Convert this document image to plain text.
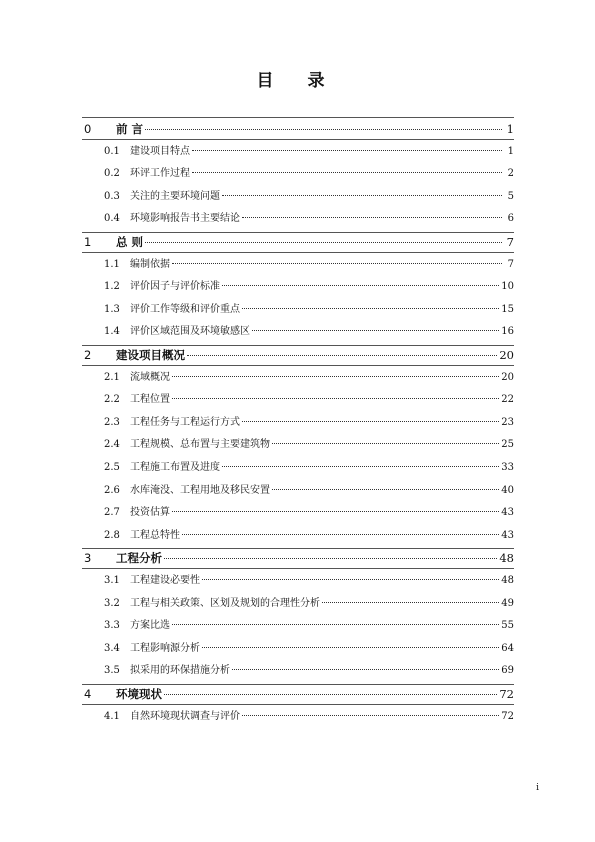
目 录
0	前 言	1
0.1	建设项目特点	1
0.2	环评工作过程	2
0.3	关注的主要环境问题	5
0.4	环境影响报告书主要结论	6
1	总 则	7
1.1	编制依据	7
1.2	评价因子与评价标准	10
1.3	评价工作等级和评价重点	15
1.4	评价区域范围及环境敏感区	16
2	建设项目概况	20
2.1	流域概况	20
2.2	工程位置	22
2.3	工程任务与工程运行方式	23
2.4	工程规模、总布置与主要建筑物	25
2.5	工程施工布置及进度	33
2.6	水库淹没、工程用地及移民安置	40
2.7	投资估算	43
2.8	工程总特性	43
3	工程分析	48
3.1	工程建设必要性	48
3.2	工程与相关政策、区划及规划的合理性分析	49
3.3	方案比选	55
3.4	工程影响源分析	64
3.5	拟采用的环保措施分析	69
4	环境现状	72
4.1	自然环境现状调查与评价	72
i
